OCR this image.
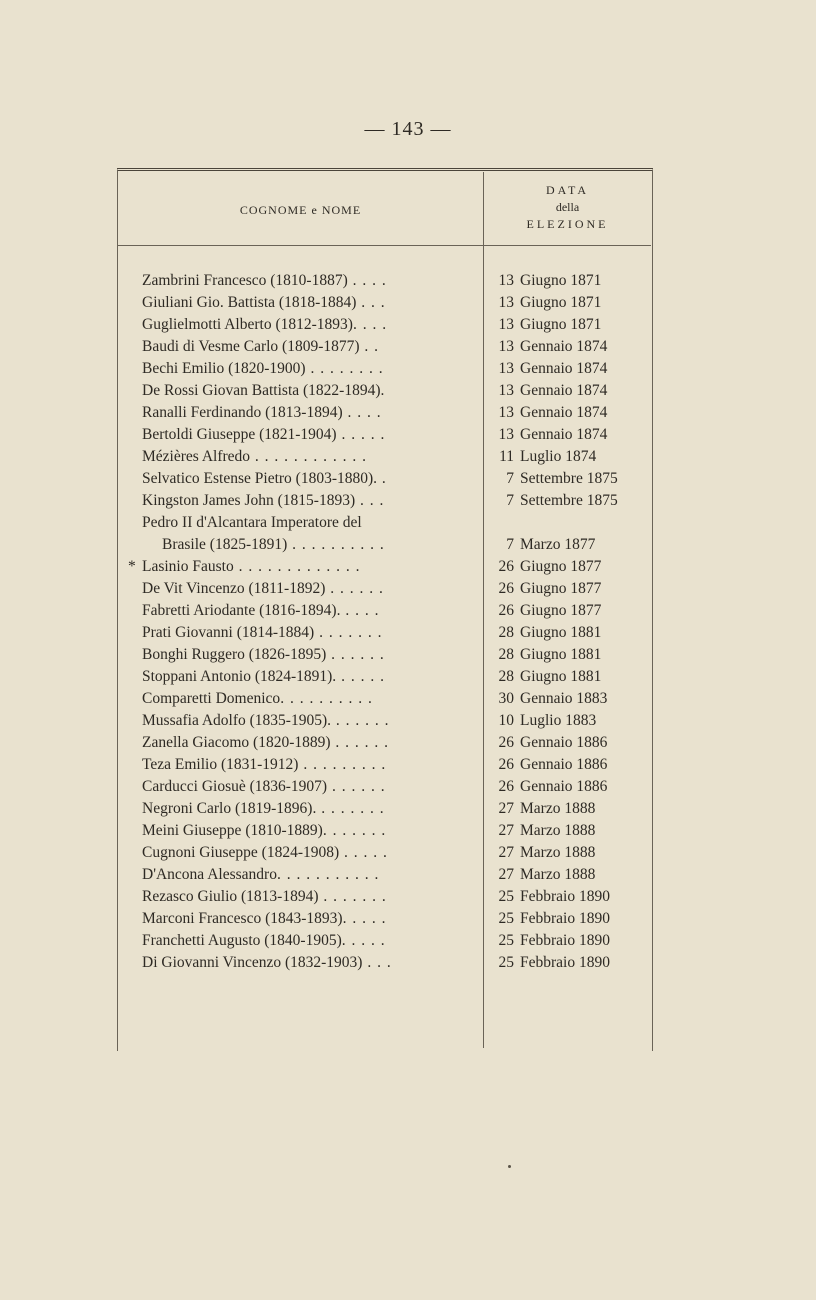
— 143 —
COGNOME e NOME
DATA
della
ELEZIONE
Zambrini Francesco (1810-1887) . . . .	13 Giugno 1871
Giuliani Gio. Battista (1818-1884) . . .	13 Giugno 1871
Guglielmotti Alberto (1812-1893). . . .	13 Giugno 1871
Baudi di Vesme Carlo (1809-1877) . .	13 Gennaio 1874
Bechi Emilio (1820-1900) . . . . . . . .	13 Gennaio 1874
De Rossi Giovan Battista (1822-1894).	13 Gennaio 1874
Ranalli Ferdinando (1813-1894) . . . .	13 Gennaio 1874
Bertoldi Giuseppe (1821-1904) . . . . .	13 Gennaio 1874
Mézières Alfredo . . . . . . . . . . . .	11 Luglio 1874
Selvatico Estense Pietro (1803-1880). .	7 Settembre 1875
Kingston James John (1815-1893) . . .	7 Settembre 1875
Pedro II d'Alcantara Imperatore del
Brasile (1825-1891) . . . . . . . . . .	7 Marzo 1877
* Lasinio Fausto . . . . . . . . . . . . .	26 Giugno 1877
De Vit Vincenzo (1811-1892) . . . . . .	26 Giugno 1877
Fabretti Ariodante (1816-1894). . . . .	26 Giugno 1877
Prati Giovanni (1814-1884) . . . . . . .	28 Giugno 1881
Bonghi Ruggero (1826-1895) . . . . . .	28 Giugno 1881
Stoppani Antonio (1824-1891). . . . . .	28 Giugno 1881
Comparetti Domenico. . . . . . . . . .	30 Gennaio 1883
Mussafia Adolfo (1835-1905). . . . . . .	10 Luglio 1883
Zanella Giacomo (1820-1889) . . . . . .	26 Gennaio 1886
Teza Emilio (1831-1912) . . . . . . . . .	26 Gennaio 1886
Carducci Giosuè (1836-1907) . . . . . .	26 Gennaio 1886
Negroni Carlo (1819-1896). . . . . . . .	27 Marzo 1888
Meini Giuseppe (1810-1889). . . . . . .	27 Marzo 1888
Cugnoni Giuseppe (1824-1908) . . . . .	27 Marzo 1888
D'Ancona Alessandro. . . . . . . . . . .	27 Marzo 1888
Rezasco Giulio (1813-1894) . . . . . . .	25 Febbraio 1890
Marconi Francesco (1843-1893). . . . .	25 Febbraio 1890
Franchetti Augusto (1840-1905). . . . .	25 Febbraio 1890
Di Giovanni Vincenzo (1832-1903) . . .	25 Febbraio 1890
